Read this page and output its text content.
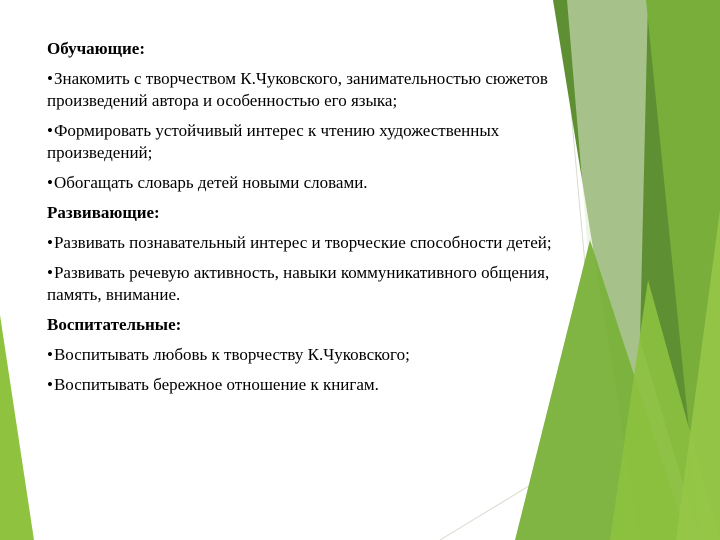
Обучающие:
•Знакомить с творчеством К.Чуковского, занимательностью сюжетов произведений автора и особенностью его языка;
•Формировать устойчивый интерес к чтению художественных произведений;
•Обогащать словарь детей новыми словами.
Развивающие:
•Развивать познавательный интерес и творческие способности детей;
•Развивать речевую активность, навыки коммуникативного общения, память, внимание.
Воспитательные:
•Воспитывать любовь к творчеству К.Чуковского;
•Воспитывать бережное отношение к книгам.
